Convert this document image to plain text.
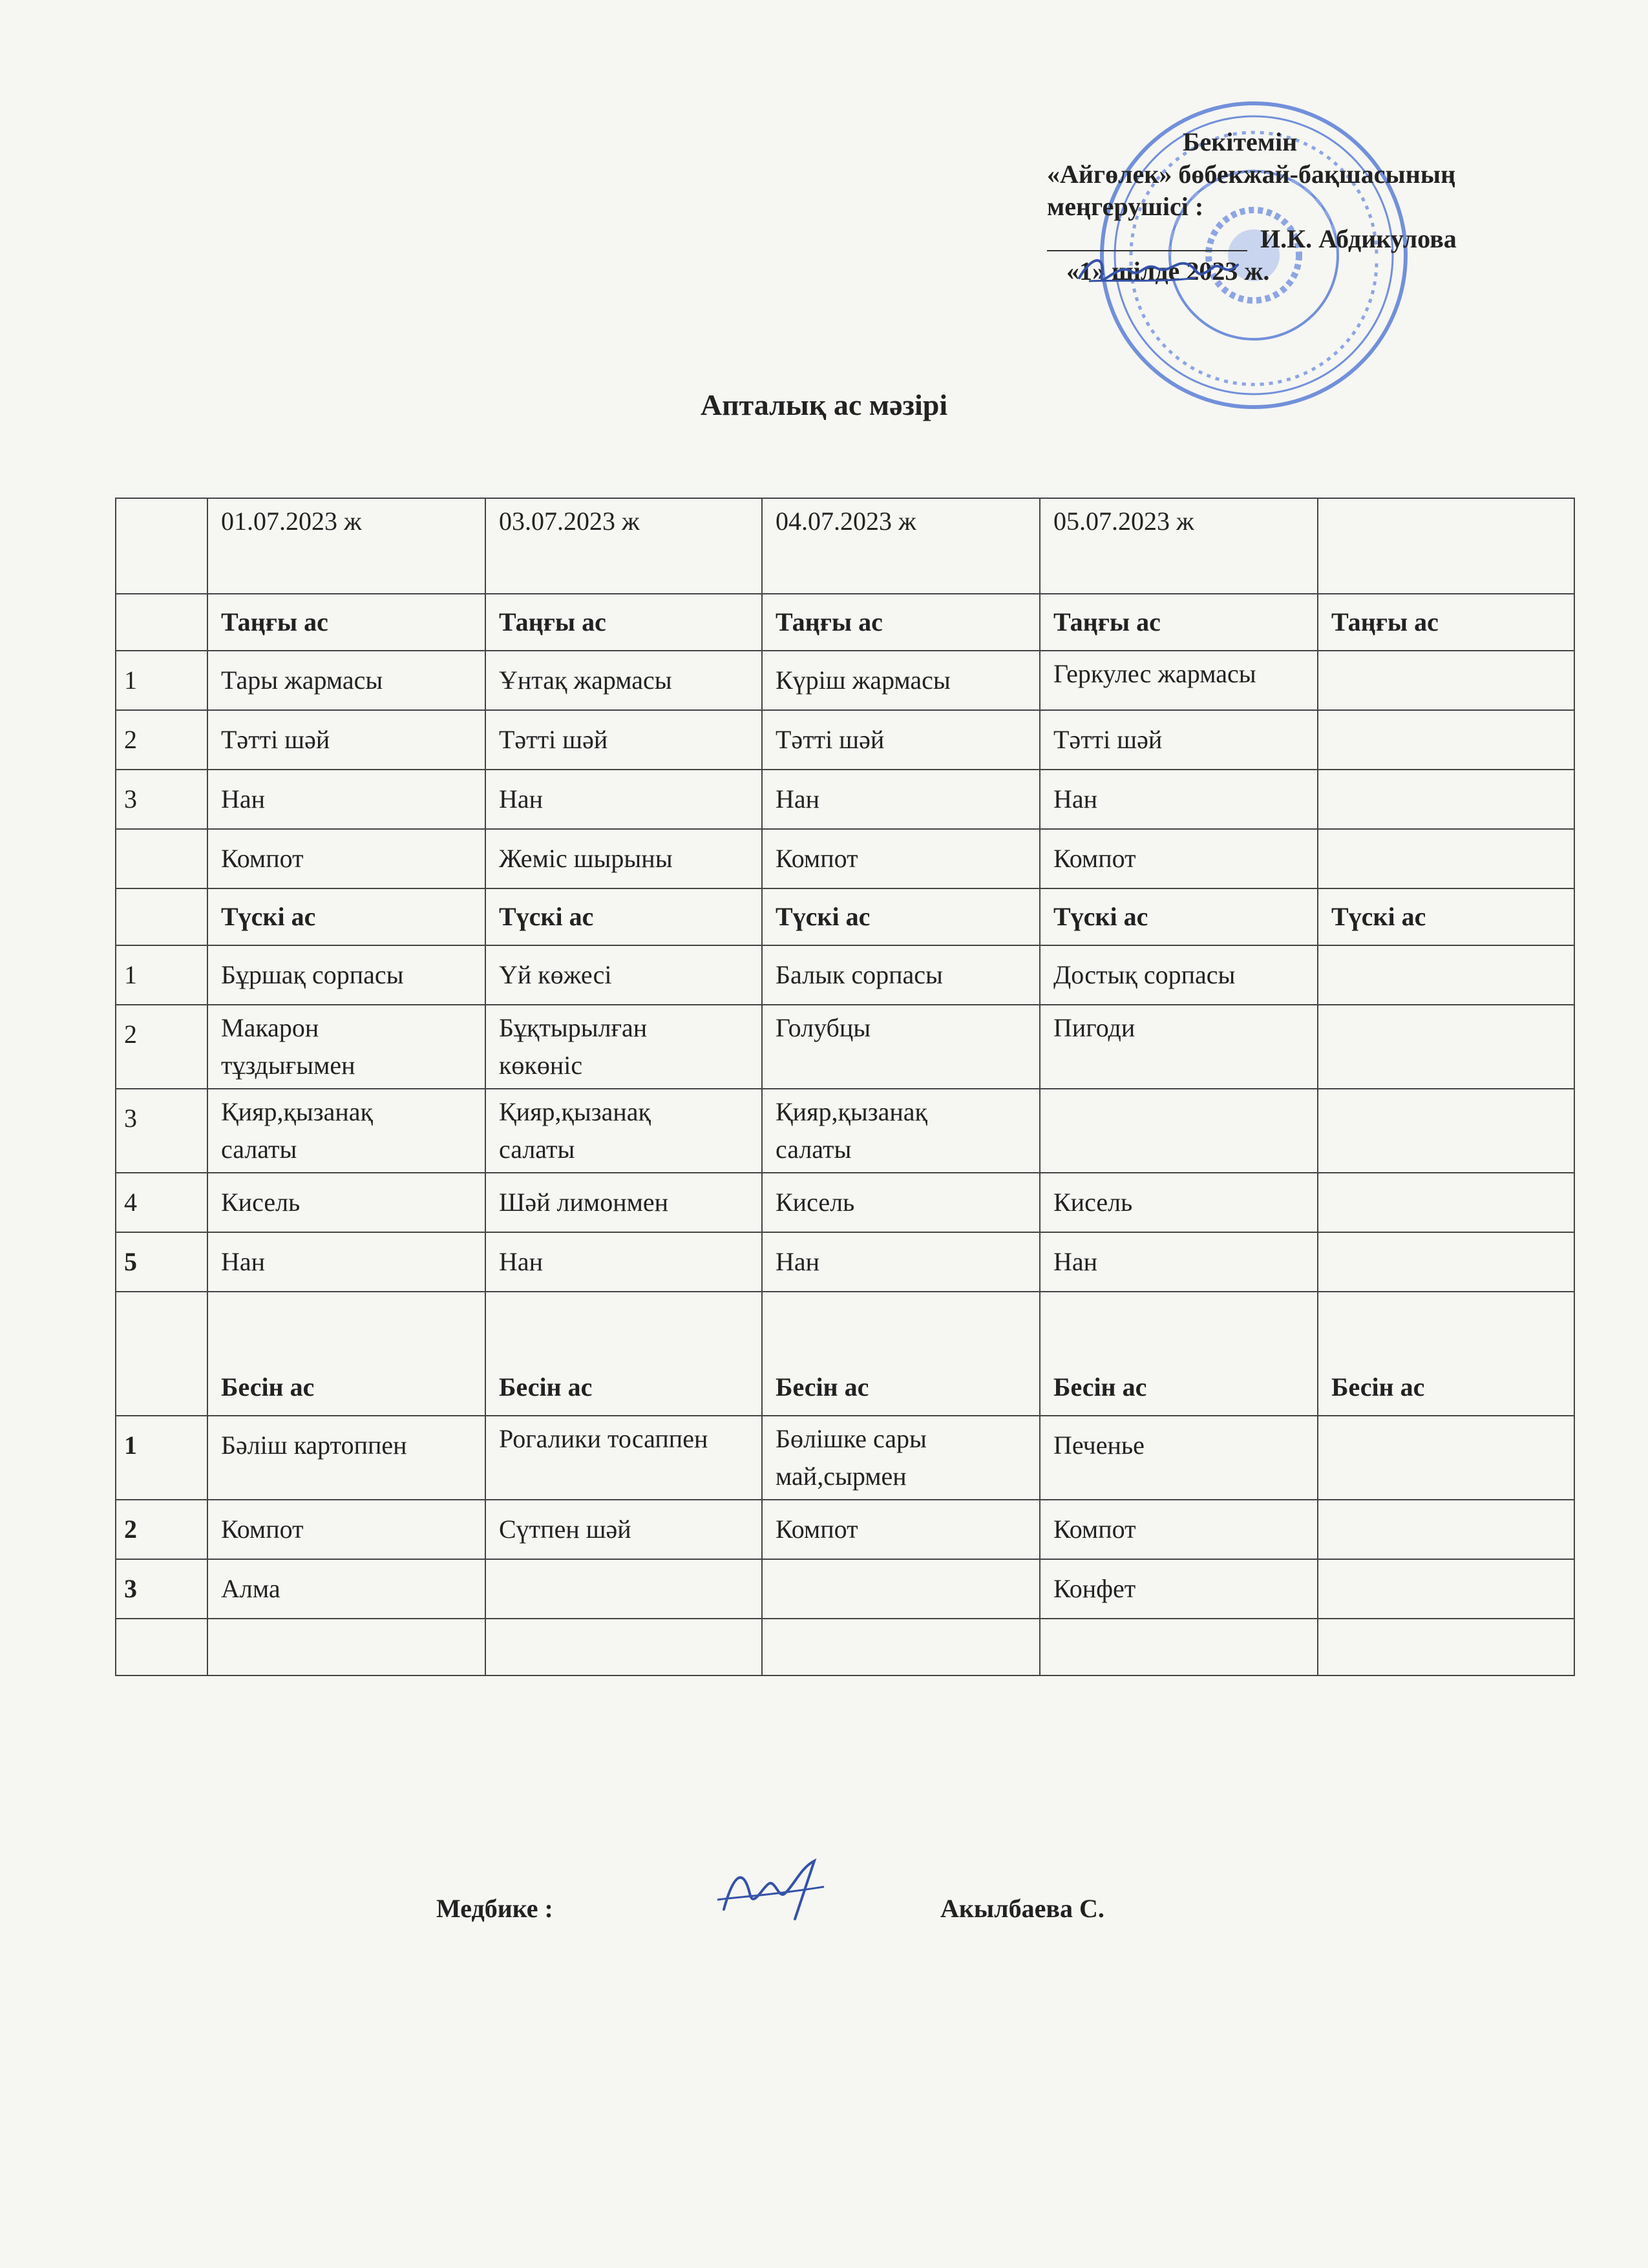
Бекітемін
«Айгөлек» бөбекжай-бақшасының
меңгерушісі :
И.К. Абдикулова
«1» шілде 2023 ж.
Апталық ас мәзірі
	01.07.2023 ж	03.07.2023 ж	04.07.2023 ж	05.07.2023 ж	
	Таңғы ас	Таңғы ас	Таңғы ас	Таңғы ас	Таңғы ас
1	Тары жармасы	Ұнтақ жармасы	Күріш жармасы	Геркулес жармасы	
2	Тәтті шәй	Тәтті шәй	Тәтті шәй	Тәтті шәй	
3	Нан	Нан	Нан	Нан	
	Компот	Жеміс шырыны	Компот	Компот	
	Түскі ас	Түскі ас	Түскі ас	Түскі ас	Түскі ас
1	Бұршақ сорпасы	Үй көжесі	Балык сорпасы	Достық сорпасы	
2	Макарон тұздығымен	Бұқтырылған көкөніс	Голубцы	Пигоди	
3	Қияр,қызанақ салаты	Қияр,қызанақ салаты	Қияр,қызанақ салаты		
4	Кисель	Шәй лимонмен	Кисель	Кисель	
5	Нан	Нан	Нан	Нан	
	Бесін ас	Бесін ас	Бесін ас	Бесін ас	Бесін ас
1	Бәліш картоппен	Рогалики тосаппен	Бөлішке сары май,сырмен	Печенье	
2	Компот	Сүтпен шәй	Компот	Компот	
3	Алма			Конфет	

Медбике :	Акылбаева С.
